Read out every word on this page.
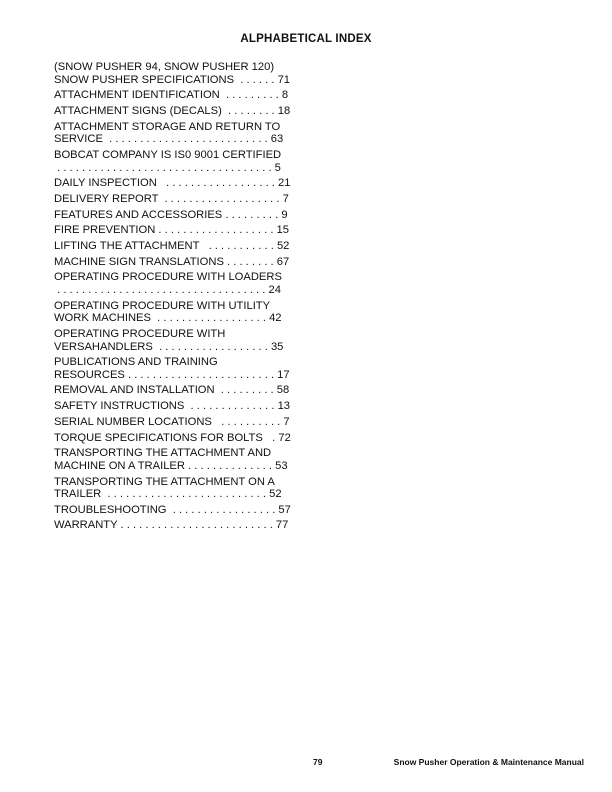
ALPHABETICAL INDEX
(SNOW PUSHER 94, SNOW PUSHER 120)
SNOW PUSHER SPECIFICATIONS  . . . . . . 71
ATTACHMENT IDENTIFICATION  . . . . . . . . . 8
ATTACHMENT SIGNS (DECALS)  . . . . . . . . 18
ATTACHMENT STORAGE AND RETURN TO
SERVICE  . . . . . . . . . . . . . . . . . . . . . . . . . . 63
BOBCAT COMPANY IS IS0 9001 CERTIFIED
. . . . . . . . . . . . . . . . . . . . . . . . . . . . . . . . . . . 5
DAILY INSPECTION   . . . . . . . . . . . . . . . . . . 21
DELIVERY REPORT  . . . . . . . . . . . . . . . . . . . 7
FEATURES AND ACCESSORIES . . . . . . . . . 9
FIRE PREVENTION . . . . . . . . . . . . . . . . . . . 15
LIFTING THE ATTACHMENT   . . . . . . . . . . . 52
MACHINE SIGN TRANSLATIONS . . . . . . . . 67
OPERATING PROCEDURE WITH LOADERS
. . . . . . . . . . . . . . . . . . . . . . . . . . . . . . . . . . 24
OPERATING PROCEDURE WITH UTILITY
WORK MACHINES  . . . . . . . . . . . . . . . . . . 42
OPERATING PROCEDURE WITH
VERSAHANDLERS  . . . . . . . . . . . . . . . . . . 35
PUBLICATIONS AND TRAINING
RESOURCES . . . . . . . . . . . . . . . . . . . . . . . . 17
REMOVAL AND INSTALLATION  . . . . . . . . . 58
SAFETY INSTRUCTIONS  . . . . . . . . . . . . . . 13
SERIAL NUMBER LOCATIONS   . . . . . . . . . . 7
TORQUE SPECIFICATIONS FOR BOLTS   . 72
TRANSPORTING THE ATTACHMENT AND
MACHINE ON A TRAILER . . . . . . . . . . . . . . 53
TRANSPORTING THE ATTACHMENT ON A
TRAILER  . . . . . . . . . . . . . . . . . . . . . . . . . . 52
TROUBLESHOOTING  . . . . . . . . . . . . . . . . . 57
WARRANTY . . . . . . . . . . . . . . . . . . . . . . . . . 77
79	Snow Pusher Operation & Maintenance Manual
